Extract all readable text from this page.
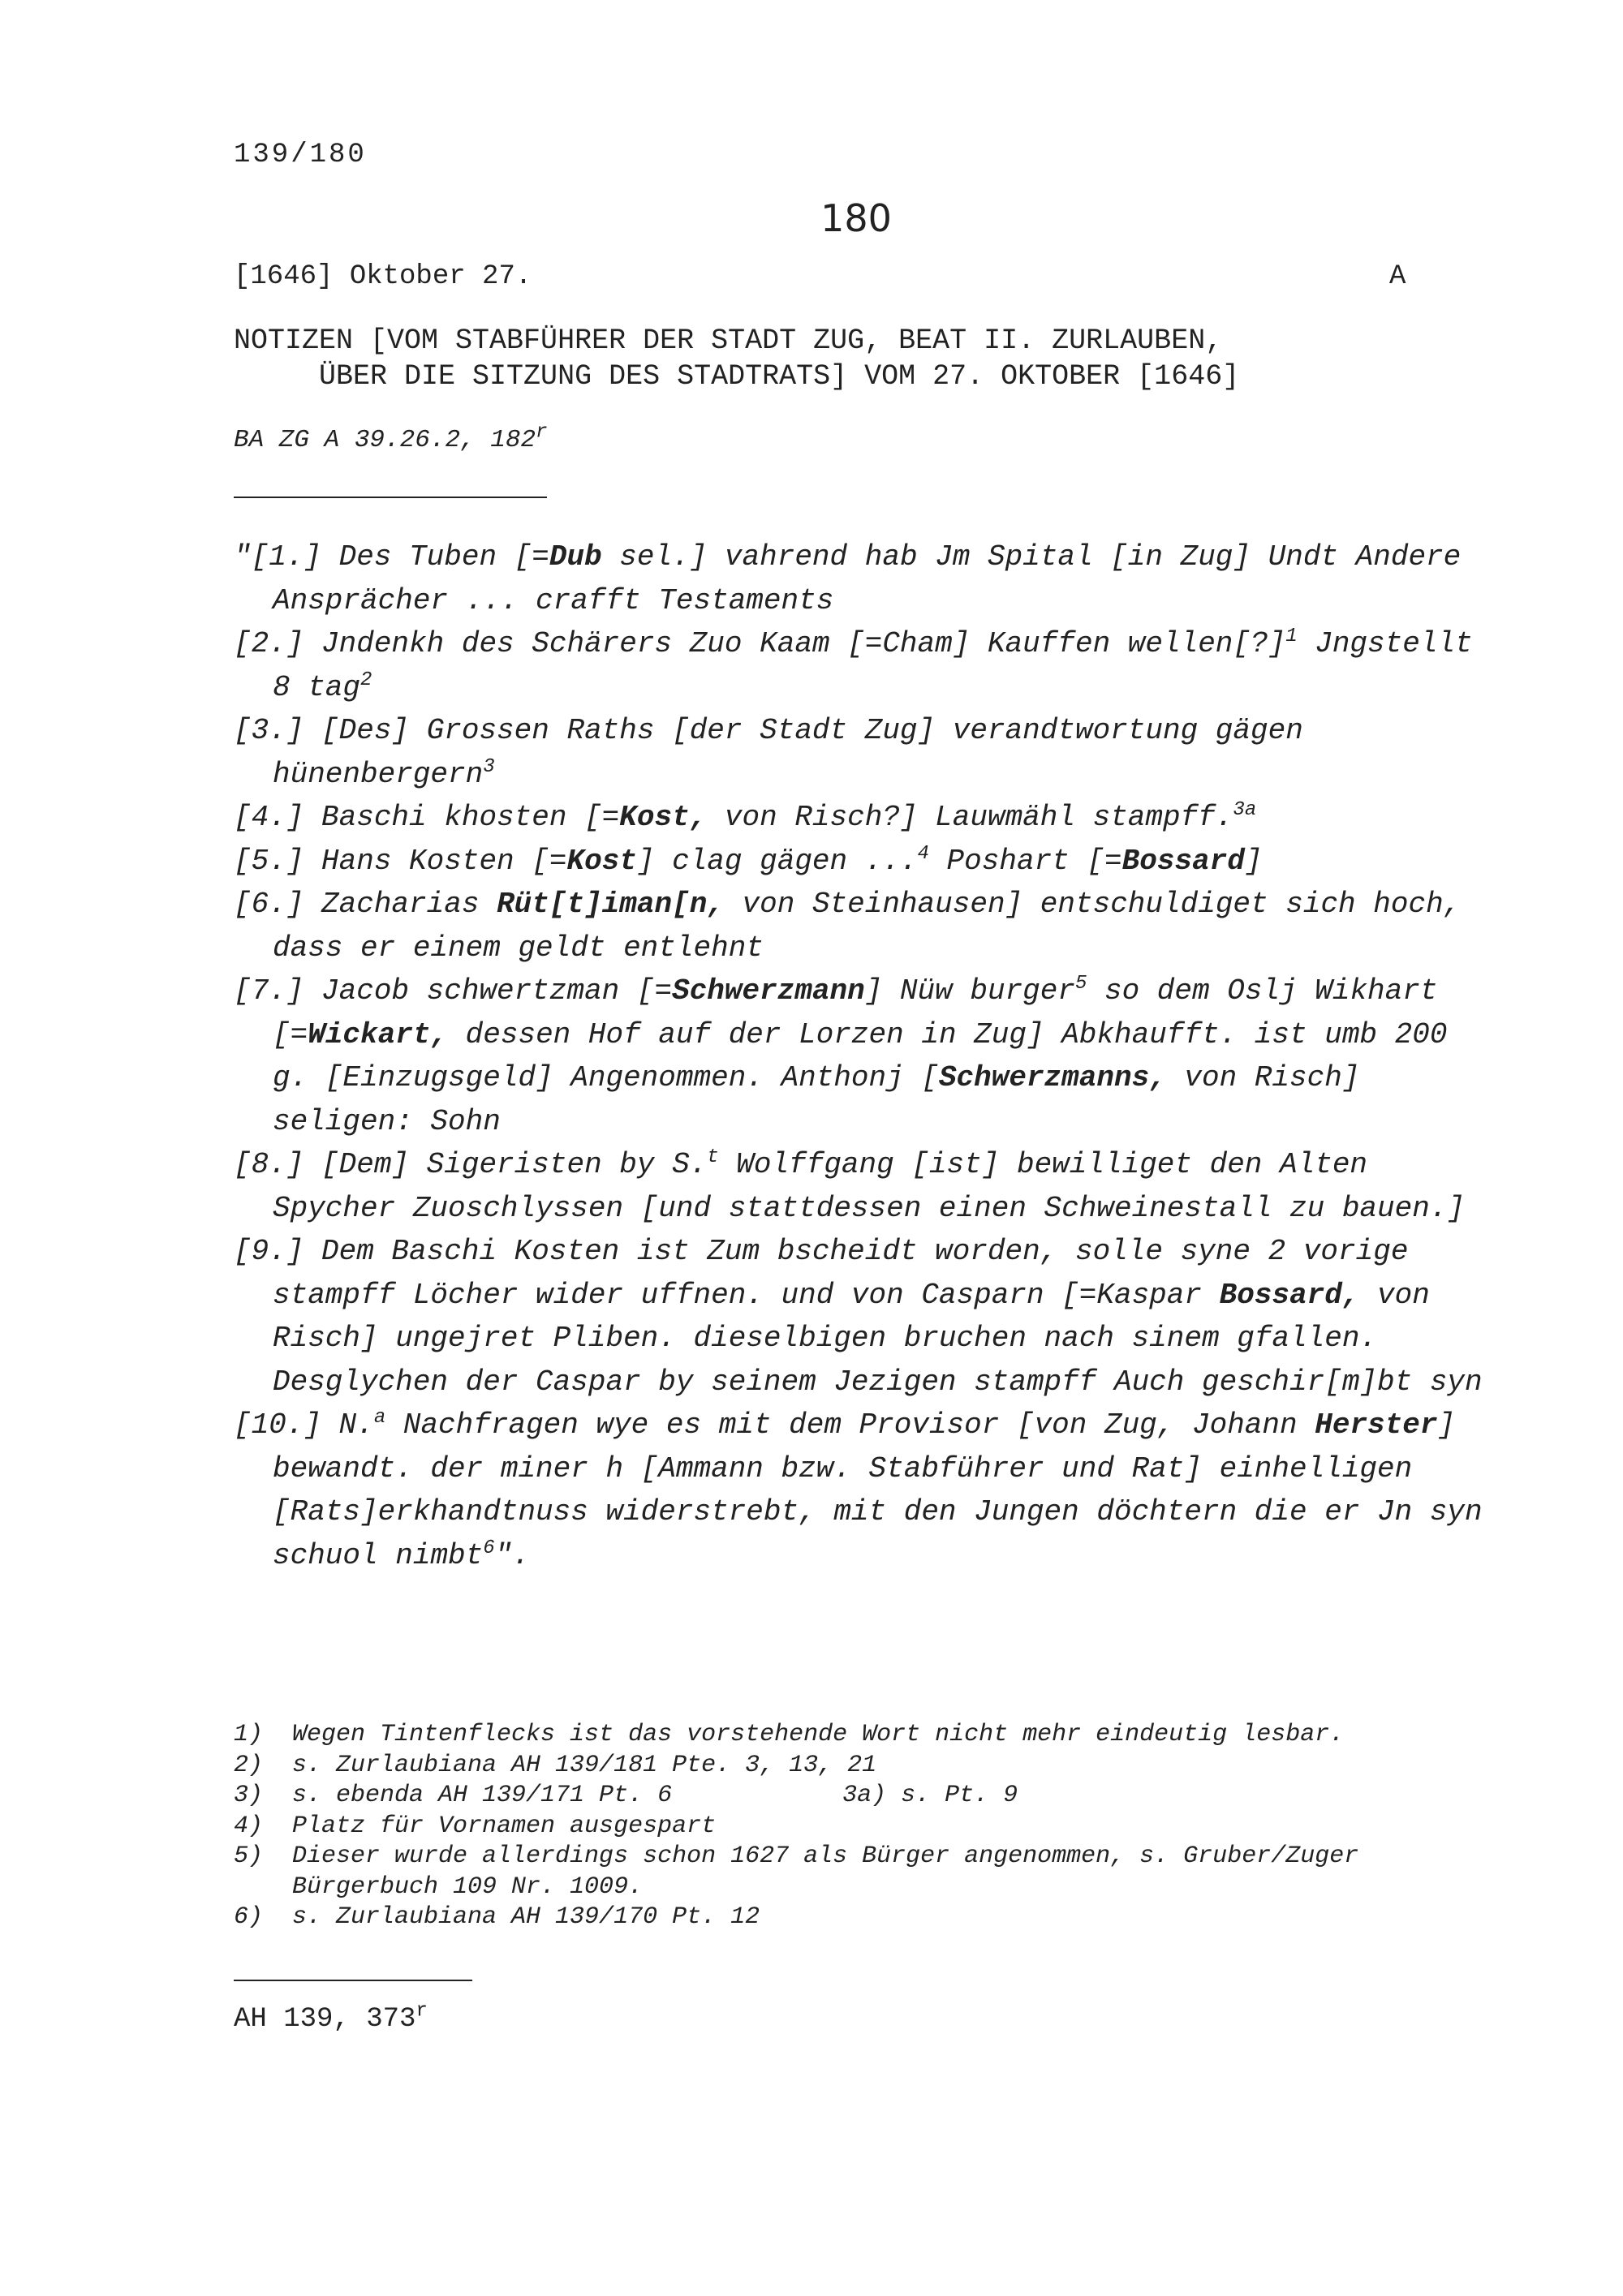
139/180
180
[1646] Oktober 27.	A
NOTIZEN [VOM STABFÜHRER DER STADT ZUG, BEAT II. ZURLAUBEN,
ÜBER DIE SITZUNG DES STADTRATS] VOM 27. OKTOBER [1646]
BA ZG A 39.26.2, 182$^r$

"[1.] Des Tuben [=Dub sel.] vahrend hab Jm Spital [in Zug] Undt Andere Ansprächer ... crafft Testaments

[2.] Jndenkh des Schärers Zuo Kaam [=Cham] Kauffen wellen[?]$^1$ Jngstellt 8 tag$^2$

[3.] [Des] Grossen Raths [der Stadt Zug] verandtwortung gägen hünenbergern$^3$

[4.] Baschi khosten [=Kost, von Risch?] Lauwmähl stampff.$^{3a}$

[5.] Hans Kosten [=Kost] clag gägen ...$^4$ Poshart [=Bossard]

[6.] Zacharias Rüt[t]iman[n, von Steinhausen] entschuldiget sich hoch, dass er einem geldt entlehnt

[7.] Jacob schwertzman [=Schwerzmann] Nüw burger$^5$ so dem Oslj Wikhart [=Wickart, dessen Hof auf der Lorzen in Zug] Abkhaufft. ist umb 200 g. [Einzugsgeld] Angenommen. Anthonj [Schwerzmanns, von Risch] seligen: Sohn

[8.] [Dem] Sigeristen by S.$^t$ Wolffgang [ist] bewilliget den Alten Spycher Zuoschlyssen [und stattdessen einen Schweinestall zu bauen.]

[9.] Dem Baschi Kosten ist Zum bscheidt worden, solle syne 2 vorige stampff Löcher wider uffnen. und von Casparn [=Kaspar Bossard, von Risch] ungejret Pliben. dieselbigen bruchen nach sinem gfallen. Desglychen der Caspar by seinem Jezigen stampff Auch geschir[m]bt syn

[10.] N.$^a$ Nachfragen wye es mit dem Provisor [von Zug, Johann Herster] bewandt. der miner h [Ammann bzw. Stabführer und Rat] einhelligen [Rats]erkhandtnuss widerstrebt, mit den Jungen döchtern die er Jn syn schuol nimbt$^6$".

1)	Wegen Tintenflecks ist das vorstehende Wort nicht mehr eindeutig lesbar.
2)	s. Zurlaubiana AH 139/181 Pte. 3, 13, 21
3)	s. ebenda AH 139/171 Pt. 6	3a) s. Pt. 9
4)	Platz für Vornamen ausgespart
5)	Dieser wurde allerdings schon 1627 als Bürger angenommen, s. Gruber/Zuger Bürgerbuch 109 Nr. 1009.
6)	s. Zurlaubiana AH 139/170 Pt. 12
AH 139, 373$^r$
